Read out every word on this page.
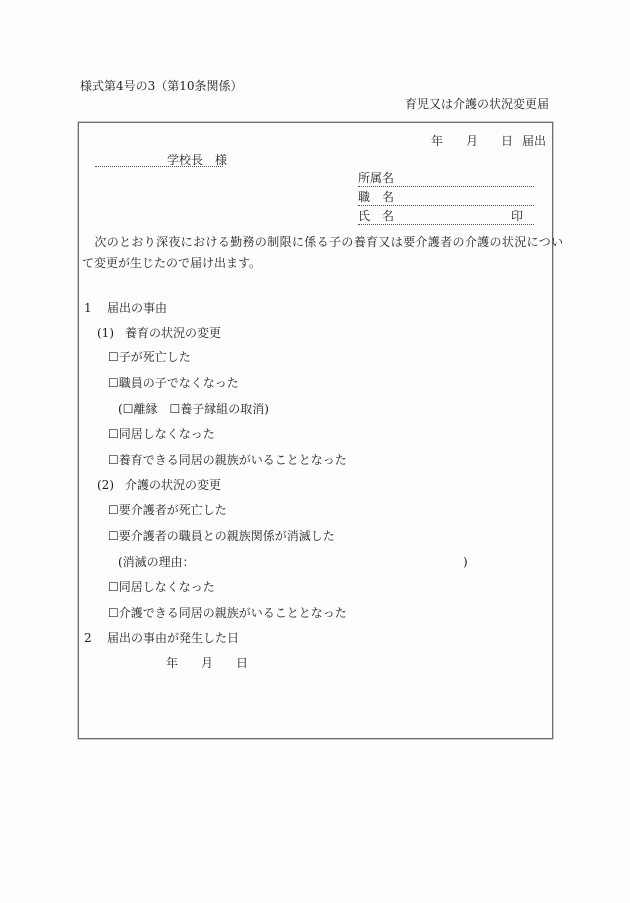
様式第4号の3（第10条関係）
育児又は介護の状況変更届
年 月 日 届出
学校長　様
所属名
職　名
氏　名	印
　次のとおり深夜における勤務の制限に係る子の養育又は要介護者の介護の状況につい
て変更が生じたので届け出ます。
1 届出の事由
(1) 養育の状況の変更
☐子が死亡した
☐職員の子でなくなった
(☐離縁 ☐養子縁組の取消)
☐同居しなくなった
☐養育できる同居の親族がいることとなった
(2) 介護の状況の変更
☐要介護者が死亡した
☐要介護者の職員との親族関係が消滅した
(消滅の理由：	)
☐同居しなくなった
☐介護できる同居の親族がいることとなった
2 届出の事由が発生した日
年 月 日
